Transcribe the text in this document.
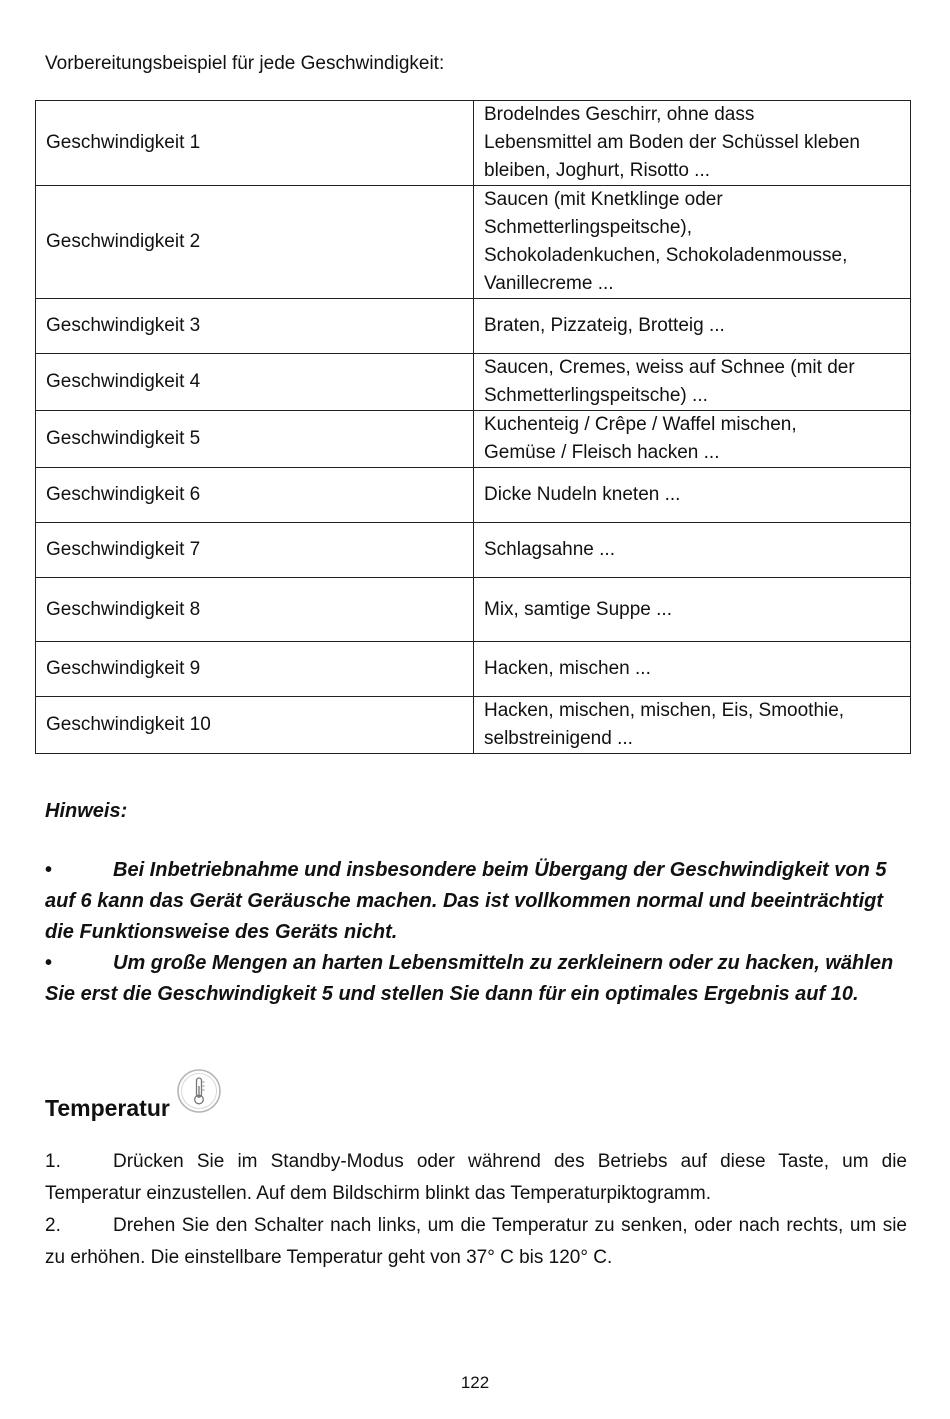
Vorbereitungsbeispiel für jede Geschwindigkeit:
Geschwindigkeit 1	Brodelndes Geschirr, ohne dass
Lebensmittel am Boden der Schüssel kleben
bleiben, Joghurt, Risotto ...

Geschwindigkeit 2	Saucen (mit Knetklinge oder
Schmetterlingspeitsche),
Schokoladenkuchen, Schokoladenmousse,
Vanillecreme ...

Geschwindigkeit 3	Braten, Pizzateig, Brotteig ...

Geschwindigkeit 4	Saucen, Cremes, weiss auf Schnee (mit der
Schmetterlingspeitsche) ...

Geschwindigkeit 5	Kuchenteig / Crêpe / Waffel mischen,
Gemüse / Fleisch hacken ...

Geschwindigkeit 6	Dicke Nudeln kneten ...

Geschwindigkeit 7	Schlagsahne ...

Geschwindigkeit 8	Mix, samtige Suppe ...

Geschwindigkeit 9	Hacken, mischen ...

Geschwindigkeit 10	Hacken, mischen, mischen, Eis, Smoothie,
selbstreinigend ...
Hinweis:

•	Bei Inbetriebnahme und insbesondere beim Übergang der Geschwindigkeit von 5 auf 6 kann das Gerät Geräusche machen. Das ist vollkommen normal und beeinträchtigt die Funktionsweise des Geräts nicht.

•	Um große Mengen an harten Lebensmitteln zu zerkleinern oder zu hacken, wählen Sie erst die Geschwindigkeit 5 und stellen Sie dann für ein optimales Ergebnis auf 10.

Temperatur

1.	Drücken Sie im Standby-Modus oder während des Betriebs auf diese Taste, um die Temperatur einzustellen. Auf dem Bildschirm blinkt das Temperaturpiktogramm.

2.	Drehen Sie den Schalter nach links, um die Temperatur zu senken, oder nach rechts, um sie zu erhöhen. Die einstellbare Temperatur geht von 37° C bis 120° C.

122
